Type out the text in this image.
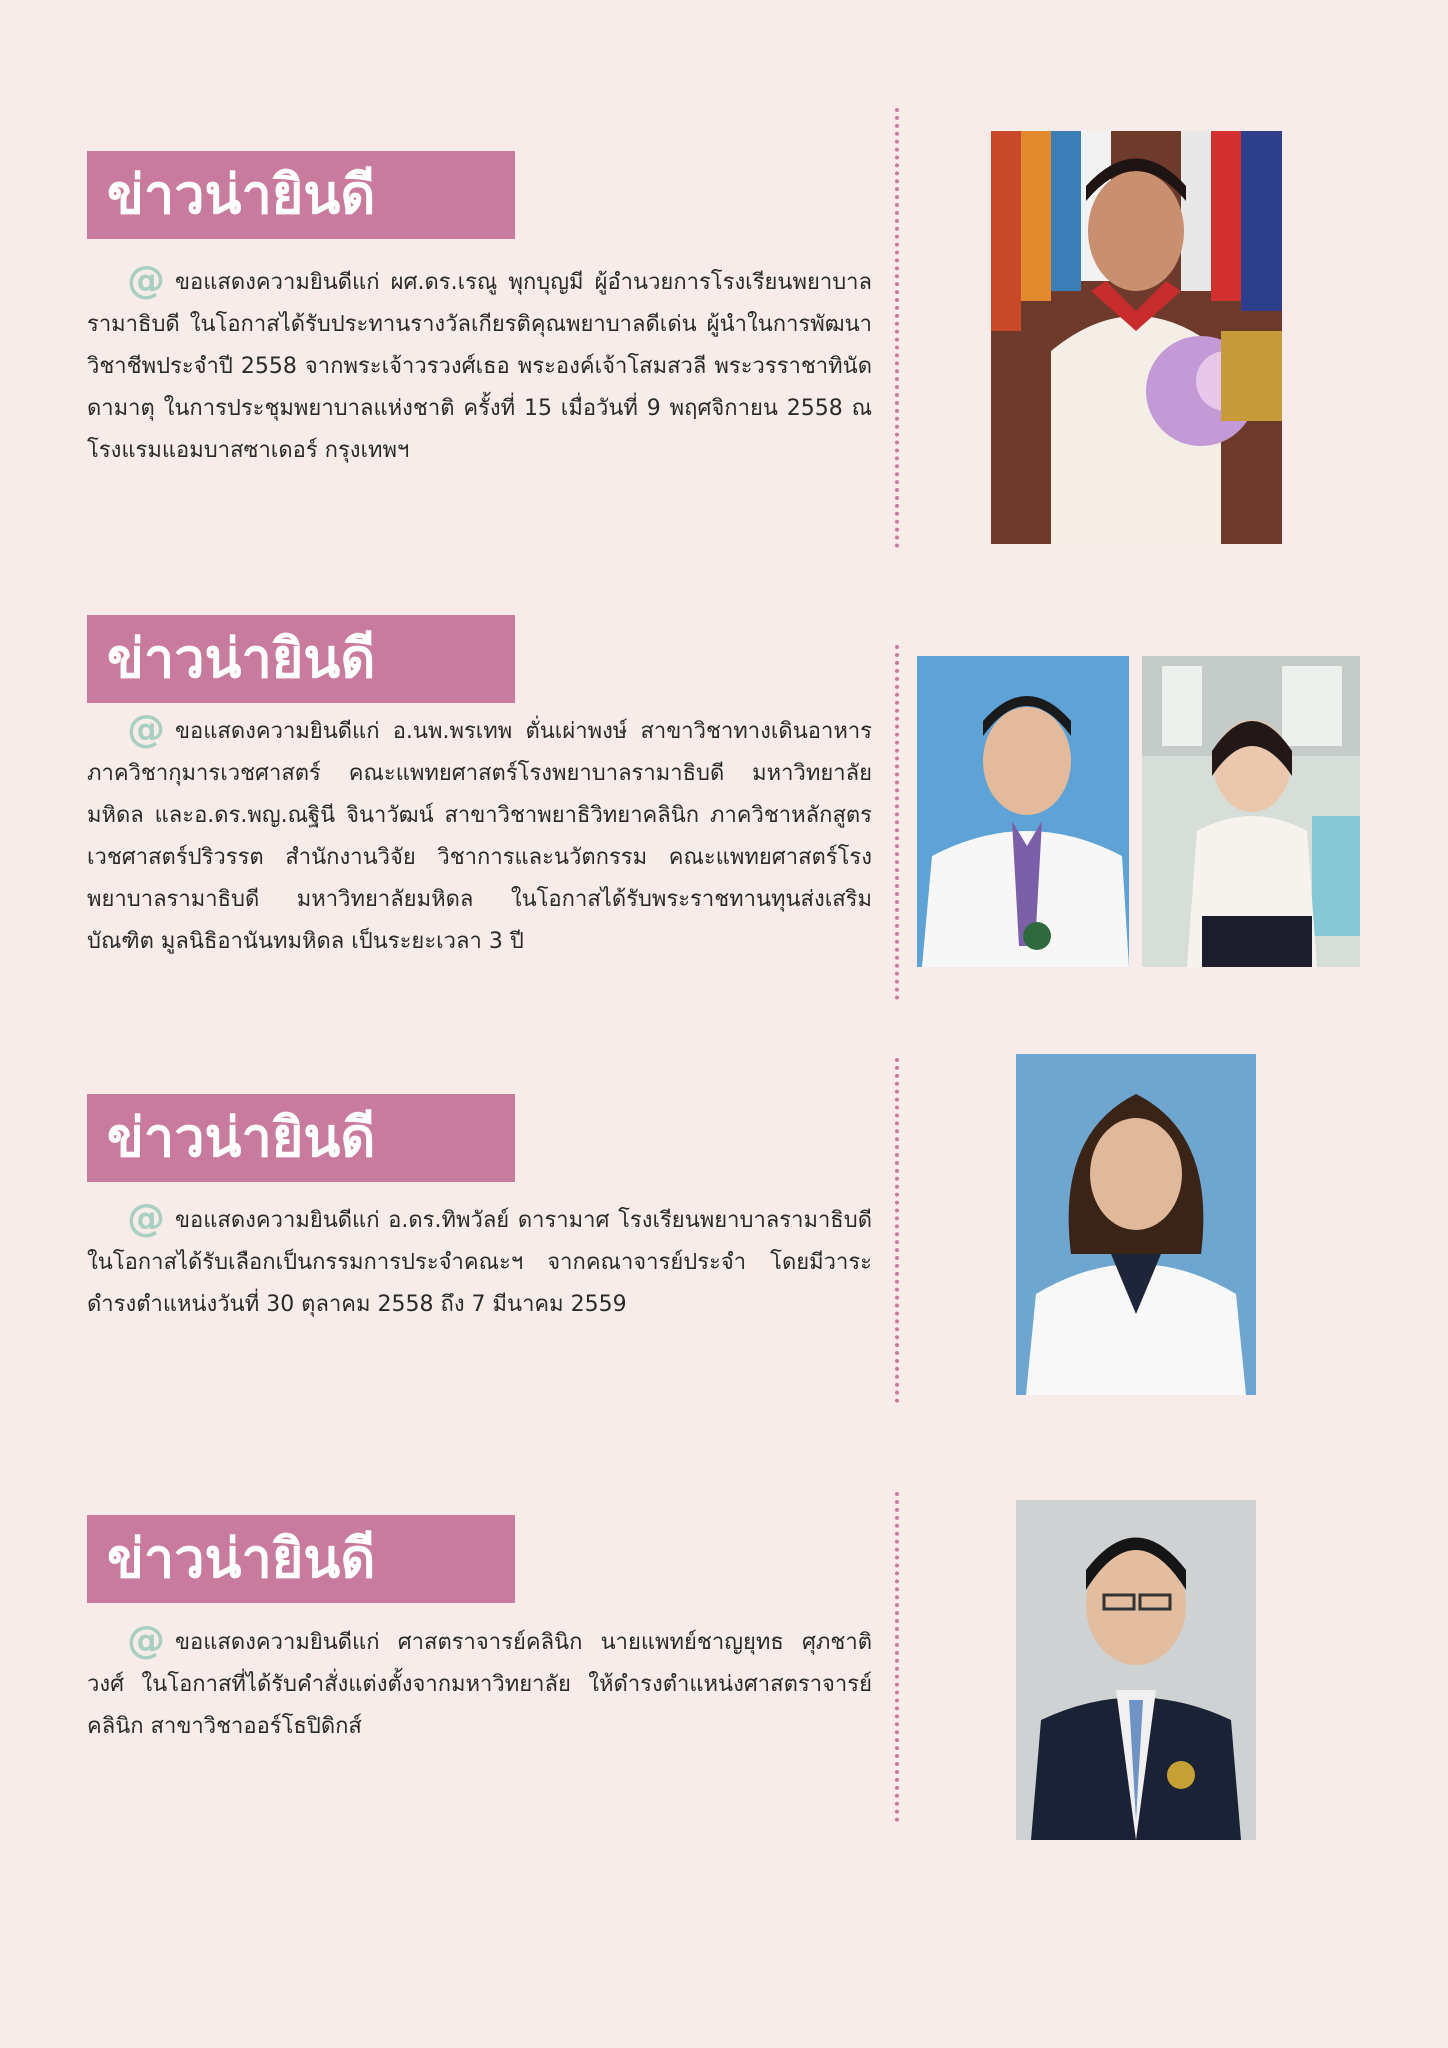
ข่าวน่ายินดี
@ ขอแสดงความยินดีแก่ ผศ.ดร.เรณู พุกบุญมี ผู้อำนวยการโรงเรียนพยาบาลรามาธิบดี ในโอกาสได้รับประทานรางวัลเกียรติคุณพยาบาลดีเด่น ผู้นำในการพัฒนาวิชาชีพประจำปี 2558 จากพระเจ้าวรวงศ์เธอ พระองค์เจ้าโสมสวลี พระวรราชาทินัดดามาตุ ในการประชุมพยาบาลแห่งชาติ ครั้งที่ 15 เมื่อวันที่ 9 พฤศจิกายน 2558 ณ โรงแรมแอมบาสซาเดอร์ กรุงเทพฯ
ข่าวน่ายินดี
@ ขอแสดงความยินดีแก่ อ.นพ.พรเทพ ตั่นเผ่าพงษ์ สาขาวิชาทางเดินอาหาร ภาควิชากุมารเวชศาสตร์ คณะแพทยศาสตร์โรงพยาบาลรามาธิบดี มหาวิทยาลัยมหิดล และอ.ดร.พญ.ณฐินี จินาวัฒน์ สาขาวิชาพยาธิวิทยาคลินิก ภาควิชาหลักสูตรเวชศาสตร์ปริวรรต สำนักงานวิจัย วิชาการและนวัตกรรม คณะแพทยศาสตร์โรงพยาบาลรามาธิบดี มหาวิทยาลัยมหิดล ในโอกาสได้รับพระราชทานทุนส่งเสริมบัณฑิต มูลนิธิอานันทมหิดล เป็นระยะเวลา 3 ปี
ข่าวน่ายินดี
@ ขอแสดงความยินดีแก่ อ.ดร.ทิพวัลย์ ดารามาศ โรงเรียนพยาบาลรามาธิบดี ในโอกาสได้รับเลือกเป็นกรรมการประจำคณะฯ จากคณาจารย์ประจำ โดยมีวาระดำรงตำแหน่งวันที่ 30 ตุลาคม 2558 ถึง 7 มีนาคม 2559
ข่าวน่ายินดี
@ ขอแสดงความยินดีแก่ ศาสตราจารย์คลินิก นายแพทย์ชาญยุทธ ศุภชาติวงศ์ ในโอกาสที่ได้รับคำสั่งแต่งตั้งจากมหาวิทยาลัย ให้ดำรงตำแหน่งศาสตราจารย์คลินิก สาขาวิชาออร์โธปิดิกส์
